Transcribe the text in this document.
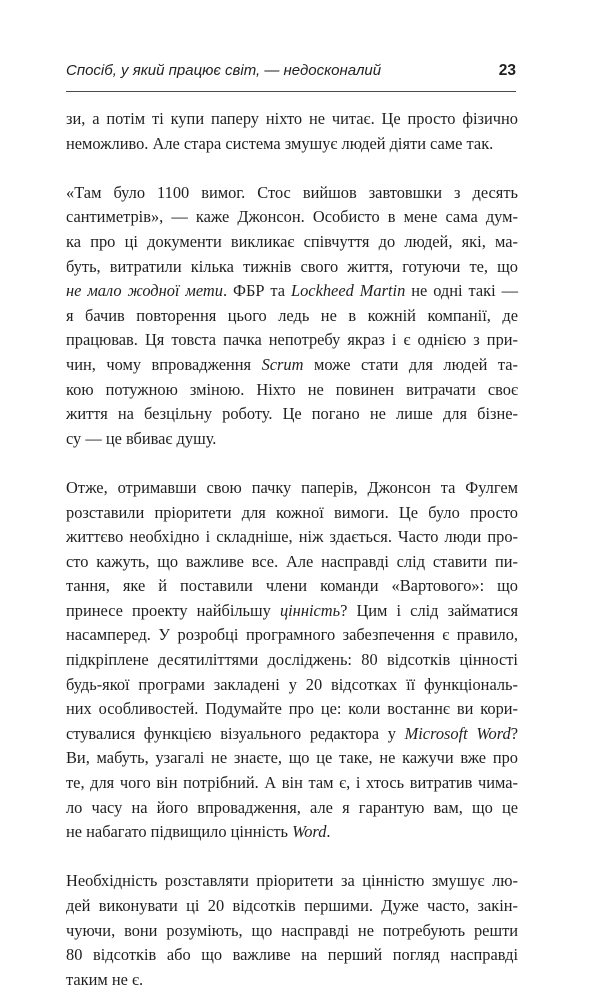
Спосіб, у який працює світ, — недосконалий	23
зи, а потім ті купи паперу ніхто не читає. Це просто фізично
неможливо. Але стара система змушує людей діяти саме так.
«Там було 1100 вимог. Стос вийшов завтовшки з десять
сантиметрів», — каже Джонсон. Особисто в мене сама дум-
ка про ці документи викликає співчуття до людей, які, ма-
буть, витратили кілька тижнів свого життя, готуючи те, що
не мало жодної мети. ФБР та Lockheed Martin не одні такі —
я бачив повторення цього ледь не в кожній компанії, де
працював. Ця товста пачка непотребу якраз і є однією з при-
чин, чому впровадження Scrum може стати для людей та-
кою потужною зміною. Ніхто не повинен витрачати своє
життя на безцільну роботу. Це погано не лише для бізне-
су — це вбиває душу.
Отже, отримавши свою пачку паперів, Джонсон та Фулгем
розставили пріоритети для кожної вимоги. Це було просто
життєво необхідно і складніше, ніж здається. Часто люди про-
сто кажуть, що важливе все. Але насправді слід ставити пи-
тання, яке й поставили члени команди «Вартового»: що
принесе проекту найбільшу цінність? Цим і слід займатися
насамперед. У розробці програмного забезпечення є правило,
підкріплене десятиліттями досліджень: 80 відсотків цінності
будь-якої програми закладені у 20 відсотках її функціональ-
них особливостей. Подумайте про це: коли востаннє ви кори-
стувалися функцією візуального редактора у Microsoft Word?
Ви, мабуть, узагалі не знаєте, що це таке, не кажучи вже про
те, для чого він потрібний. А він там є, і хтось витратив чима-
ло часу на його впровадження, але я гарантую вам, що це
не набагато підвищило цінність Word.
Необхідність розставляти пріоритети за цінністю змушує лю-
дей виконувати ці 20 відсотків першими. Дуже часто, закін-
чуючи, вони розуміють, що насправді не потребують решти
80 відсотків або що важливе на перший погляд насправді
таким не є.
